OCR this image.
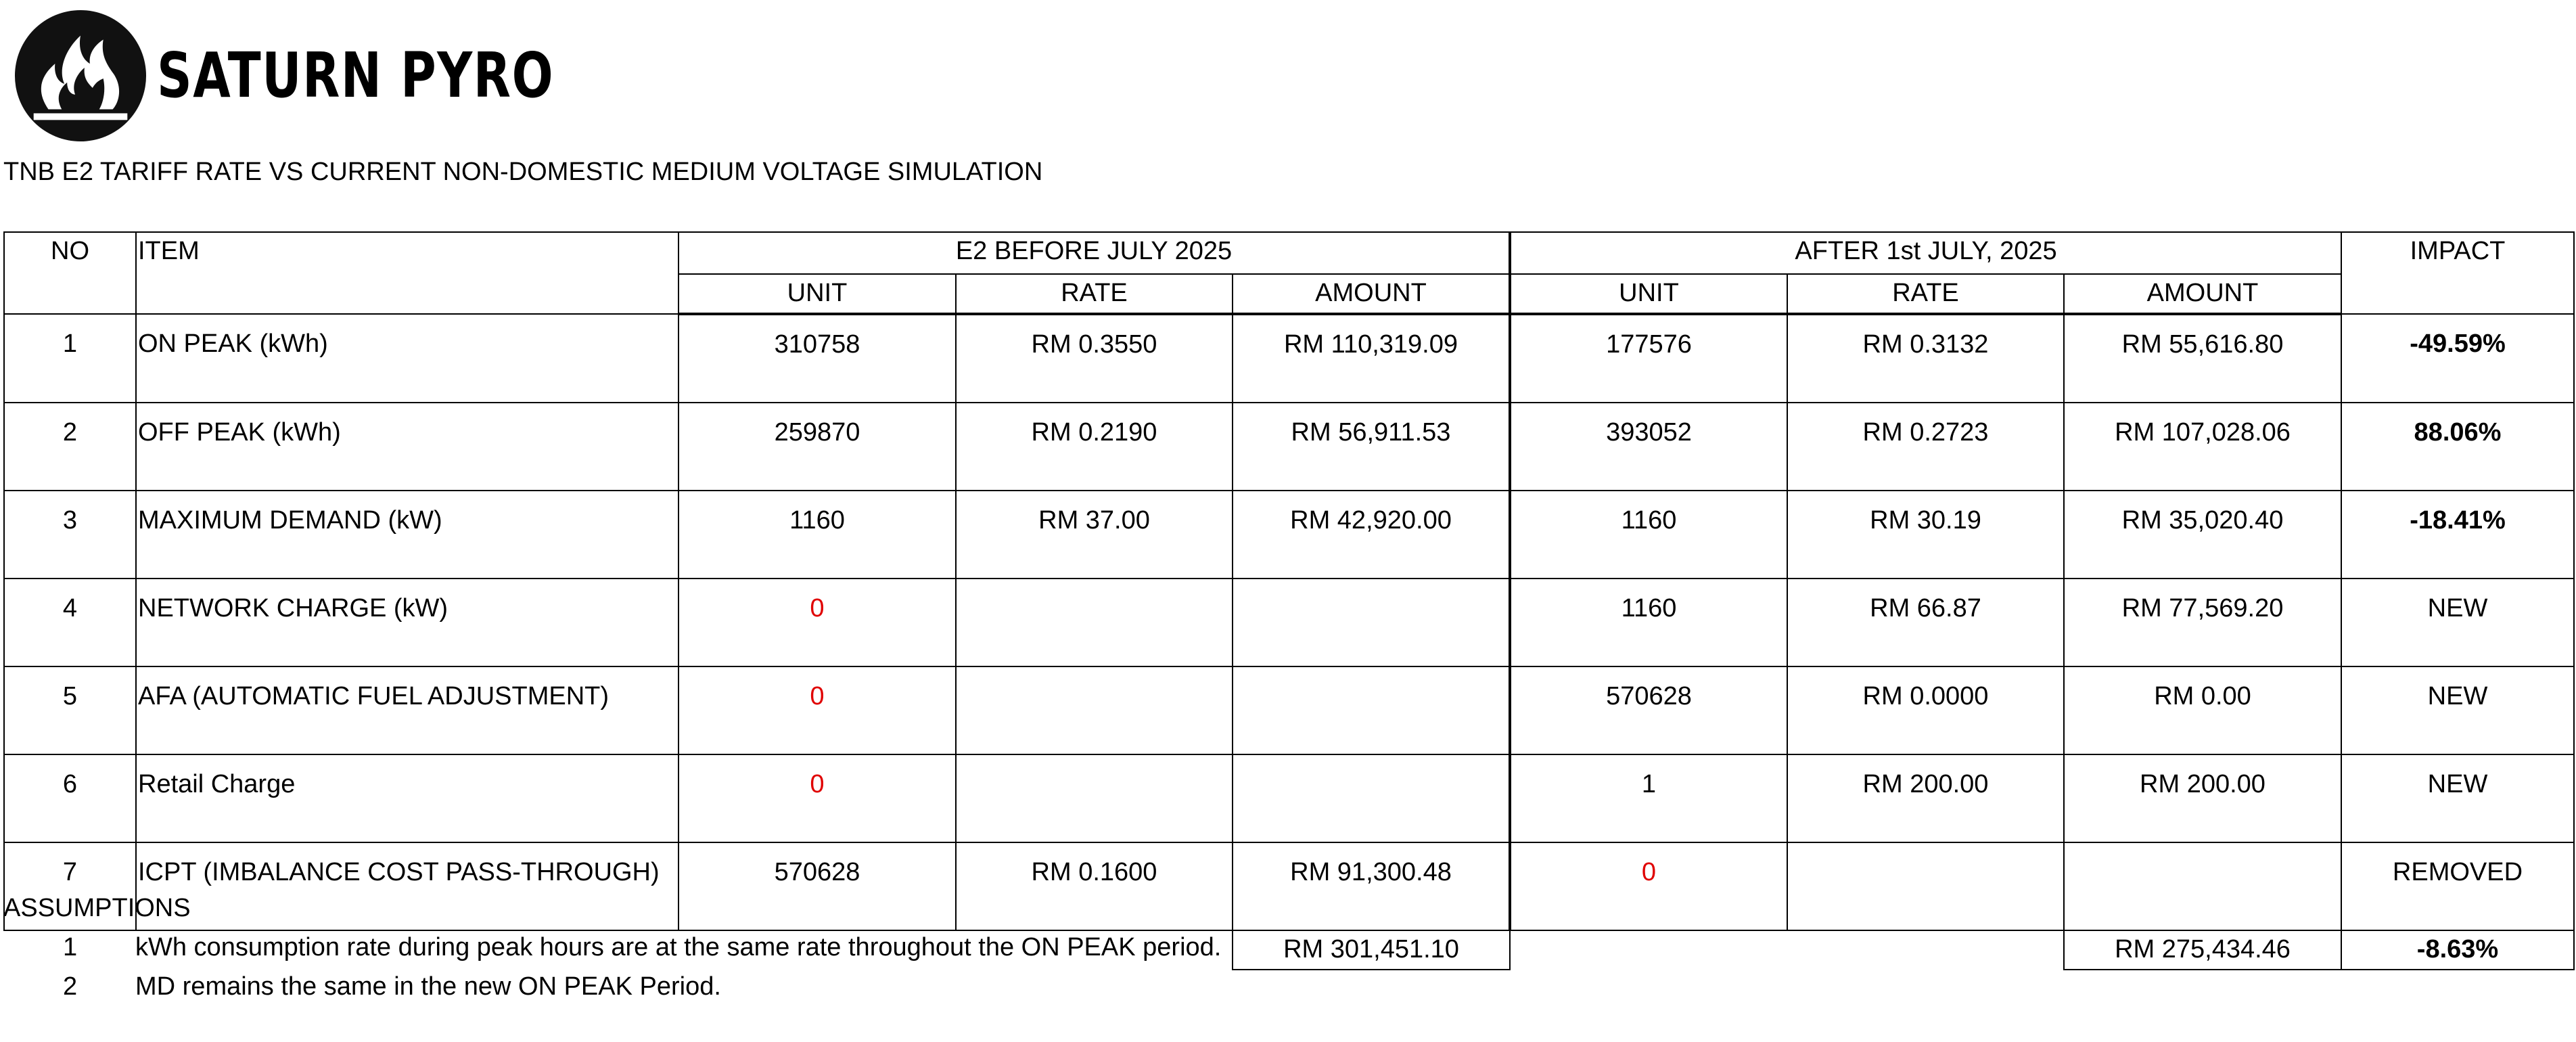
SATURN PYRO
TNB E2 TARIFF RATE VS CURRENT NON-DOMESTIC MEDIUM VOLTAGE SIMULATION
NO	ITEM	E2 BEFORE JULY 2025			AFTER 1st JULY, 2025			IMPACT
		UNIT	RATE	AMOUNT	UNIT	RATE	AMOUNT	
1	ON PEAK (kWh)	310758	RM 0.3550	RM 110,319.09	177576	RM 0.3132	RM 55,616.80	-49.59%
2	OFF PEAK (kWh)	259870	RM 0.2190	RM 56,911.53	393052	RM 0.2723	RM 107,028.06	88.06%
3	MAXIMUM DEMAND (kW)	1160	RM 37.00	RM 42,920.00	1160	RM 30.19	RM 35,020.40	-18.41%
4	NETWORK CHARGE (kW)	0			1160	RM 66.87	RM 77,569.20	NEW
5	AFA (AUTOMATIC FUEL ADJUSTMENT)	0			570628	RM 0.0000	RM 0.00	NEW
6	Retail Charge	0			1	RM 200.00	RM 200.00	NEW
7	ICPT (IMBALANCE COST PASS-THROUGH)	570628	RM 0.1600	RM 91,300.48	0			REMOVED
				RM 301,451.10			RM 275,434.46	-8.63%
ASSUMPTIONS
1	kWh consumption rate during peak hours are at the same rate throughout the ON PEAK period.
2	MD remains the same in the new ON PEAK Period.
